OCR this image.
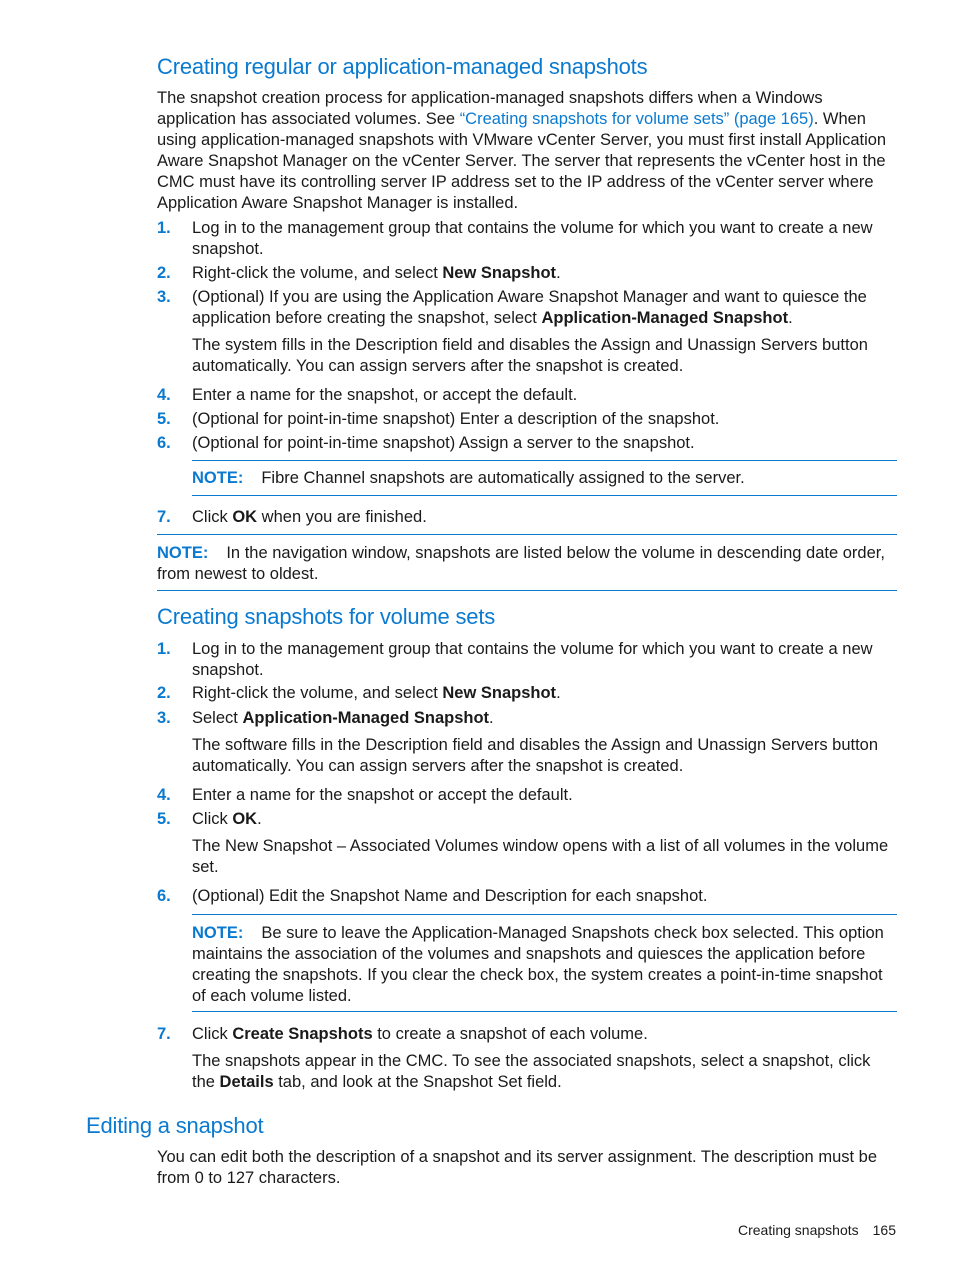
Creating regular or application-managed snapshots

The snapshot creation process for application-managed snapshots differs when a Windows application has associated volumes. See “Creating snapshots for volume sets” (page 165). When using application-managed snapshots with VMware vCenter Server, you must first install Application Aware Snapshot Manager on the vCenter Server. The server that represents the vCenter host in the CMC must have its controlling server IP address set to the IP address of the vCenter server where Application Aware Snapshot Manager is installed.

1.	Log in to the management group that contains the volume for which you want to create a new snapshot.
2.	Right-click the volume, and select New Snapshot.
3.	(Optional) If you are using the Application Aware Snapshot Manager and want to quiesce the application before creating the snapshot, select Application-Managed Snapshot.

The system fills in the Description field and disables the Assign and Unassign Servers button automatically. You can assign servers after the snapshot is created.

4.	Enter a name for the snapshot, or accept the default.
5.	(Optional for point-in-time snapshot) Enter a description of the snapshot.
6.	(Optional for point-in-time snapshot) Assign a server to the snapshot.
NOTE: Fibre Channel snapshots are automatically assigned to the server.
7.	Click OK when you are finished.
NOTE: In the navigation window, snapshots are listed below the volume in descending date order, from newest to oldest.
Creating snapshots for volume sets
1.	Log in to the management group that contains the volume for which you want to create a new snapshot.
2.	Right-click the volume, and select New Snapshot.
3.	Select Application-Managed Snapshot.

The software fills in the Description field and disables the Assign and Unassign Servers button automatically. You can assign servers after the snapshot is created.

4.	Enter a name for the snapshot or accept the default.
5.	Click OK.

The New Snapshot – Associated Volumes window opens with a list of all volumes in the volume set.

6.	(Optional) Edit the Snapshot Name and Description for each snapshot.
NOTE: Be sure to leave the Application-Managed Snapshots check box selected. This option maintains the association of the volumes and snapshots and quiesces the application before creating the snapshots. If you clear the check box, the system creates a point-in-time snapshot of each volume listed.
7.	Click Create Snapshots to create a snapshot of each volume.

The snapshots appear in the CMC. To see the associated snapshots, select a snapshot, click the Details tab, and look at the Snapshot Set field.

Editing a snapshot

You can edit both the description of a snapshot and its server assignment. The description must be from 0 to 127 characters.

Creating snapshots 165
